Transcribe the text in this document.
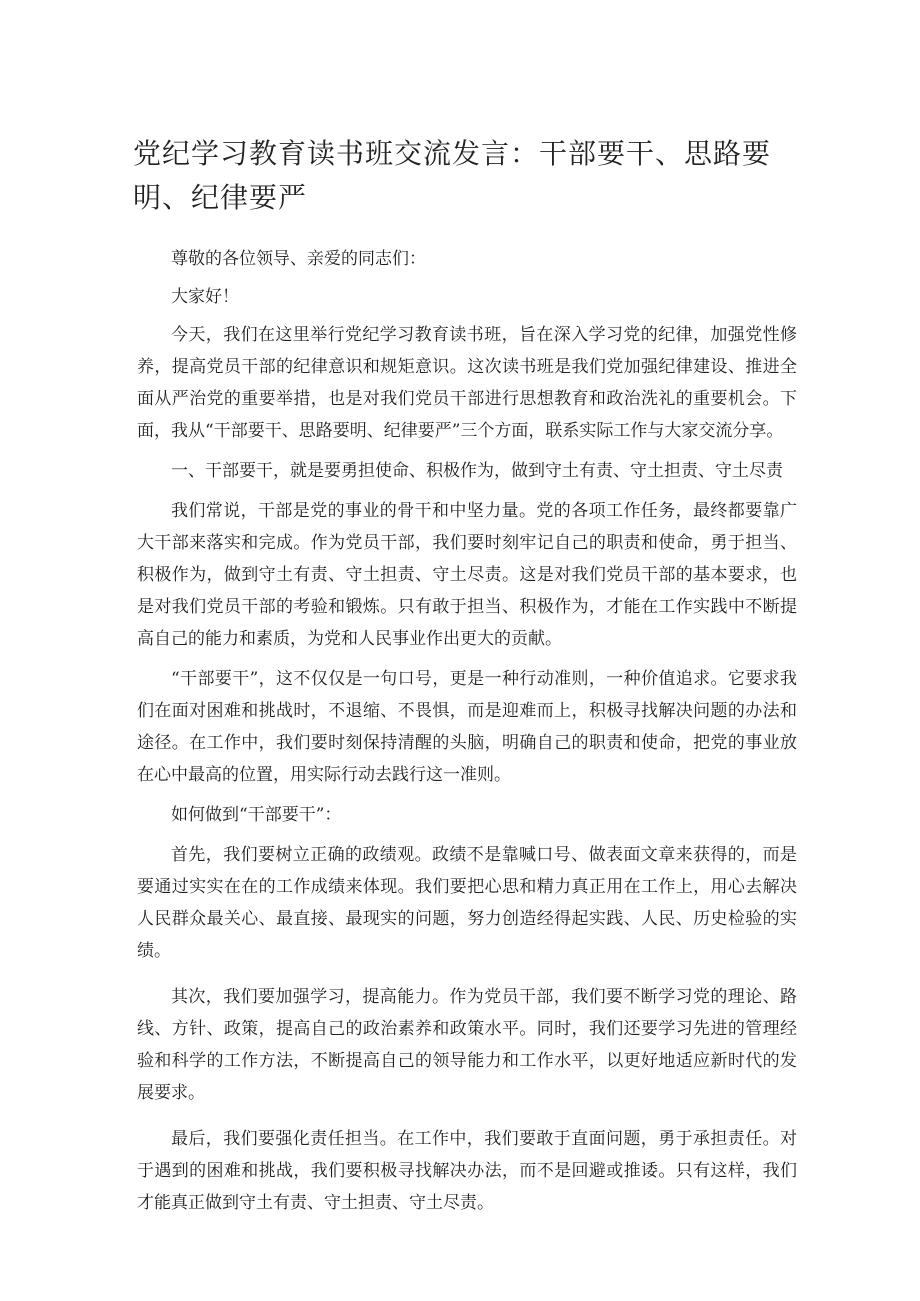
党纪学习教育读书班交流发言：干部要干、思路要明、纪律要严

尊敬的各位领导、亲爱的同志们：

大家好！

今天，我们在这里举行党纪学习教育读书班，旨在深入学习党的纪律，加强党性修养，提高党员干部的纪律意识和规矩意识。这次读书班是我们党加强纪律建设、推进全面从严治党的重要举措，也是对我们党员干部进行思想教育和政治洗礼的重要机会。下面，我从“干部要干、思路要明、纪律要严”三个方面，联系实际工作与大家交流分享。

一、干部要干，就是要勇担使命、积极作为，做到守土有责、守土担责、守土尽责

我们常说，干部是党的事业的骨干和中坚力量。党的各项工作任务，最终都要靠广大干部来落实和完成。作为党员干部，我们要时刻牢记自己的职责和使命，勇于担当、积极作为，做到守土有责、守土担责、守土尽责。这是对我们党员干部的基本要求，也是对我们党员干部的考验和锻炼。只有敢于担当、积极作为，才能在工作实践中不断提高自己的能力和素质，为党和人民事业作出更大的贡献。

“干部要干”，这不仅仅是一句口号，更是一种行动准则，一种价值追求。它要求我们在面对困难和挑战时，不退缩、不畏惧，而是迎难而上，积极寻找解决问题的办法和途径。在工作中，我们要时刻保持清醒的头脑，明确自己的职责和使命，把党的事业放在心中最高的位置，用实际行动去践行这一准则。

如何做到“干部要干”：

首先，我们要树立正确的政绩观。政绩不是靠喊口号、做表面文章来获得的，而是要通过实实在在的工作成绩来体现。我们要把心思和精力真正用在工作上，用心去解决人民群众最关心、最直接、最现实的问题，努力创造经得起实践、人民、历史检验的实绩。

其次，我们要加强学习，提高能力。作为党员干部，我们要不断学习党的理论、路线、方针、政策，提高自己的政治素养和政策水平。同时，我们还要学习先进的管理经验和科学的工作方法，不断提高自己的领导能力和工作水平，以更好地适应新时代的发展要求。

最后，我们要强化责任担当。在工作中，我们要敢于直面问题，勇于承担责任。对于遇到的困难和挑战，我们要积极寻找解决办法，而不是回避或推诿。只有这样，我们才能真正做到守土有责、守土担责、守土尽责。
